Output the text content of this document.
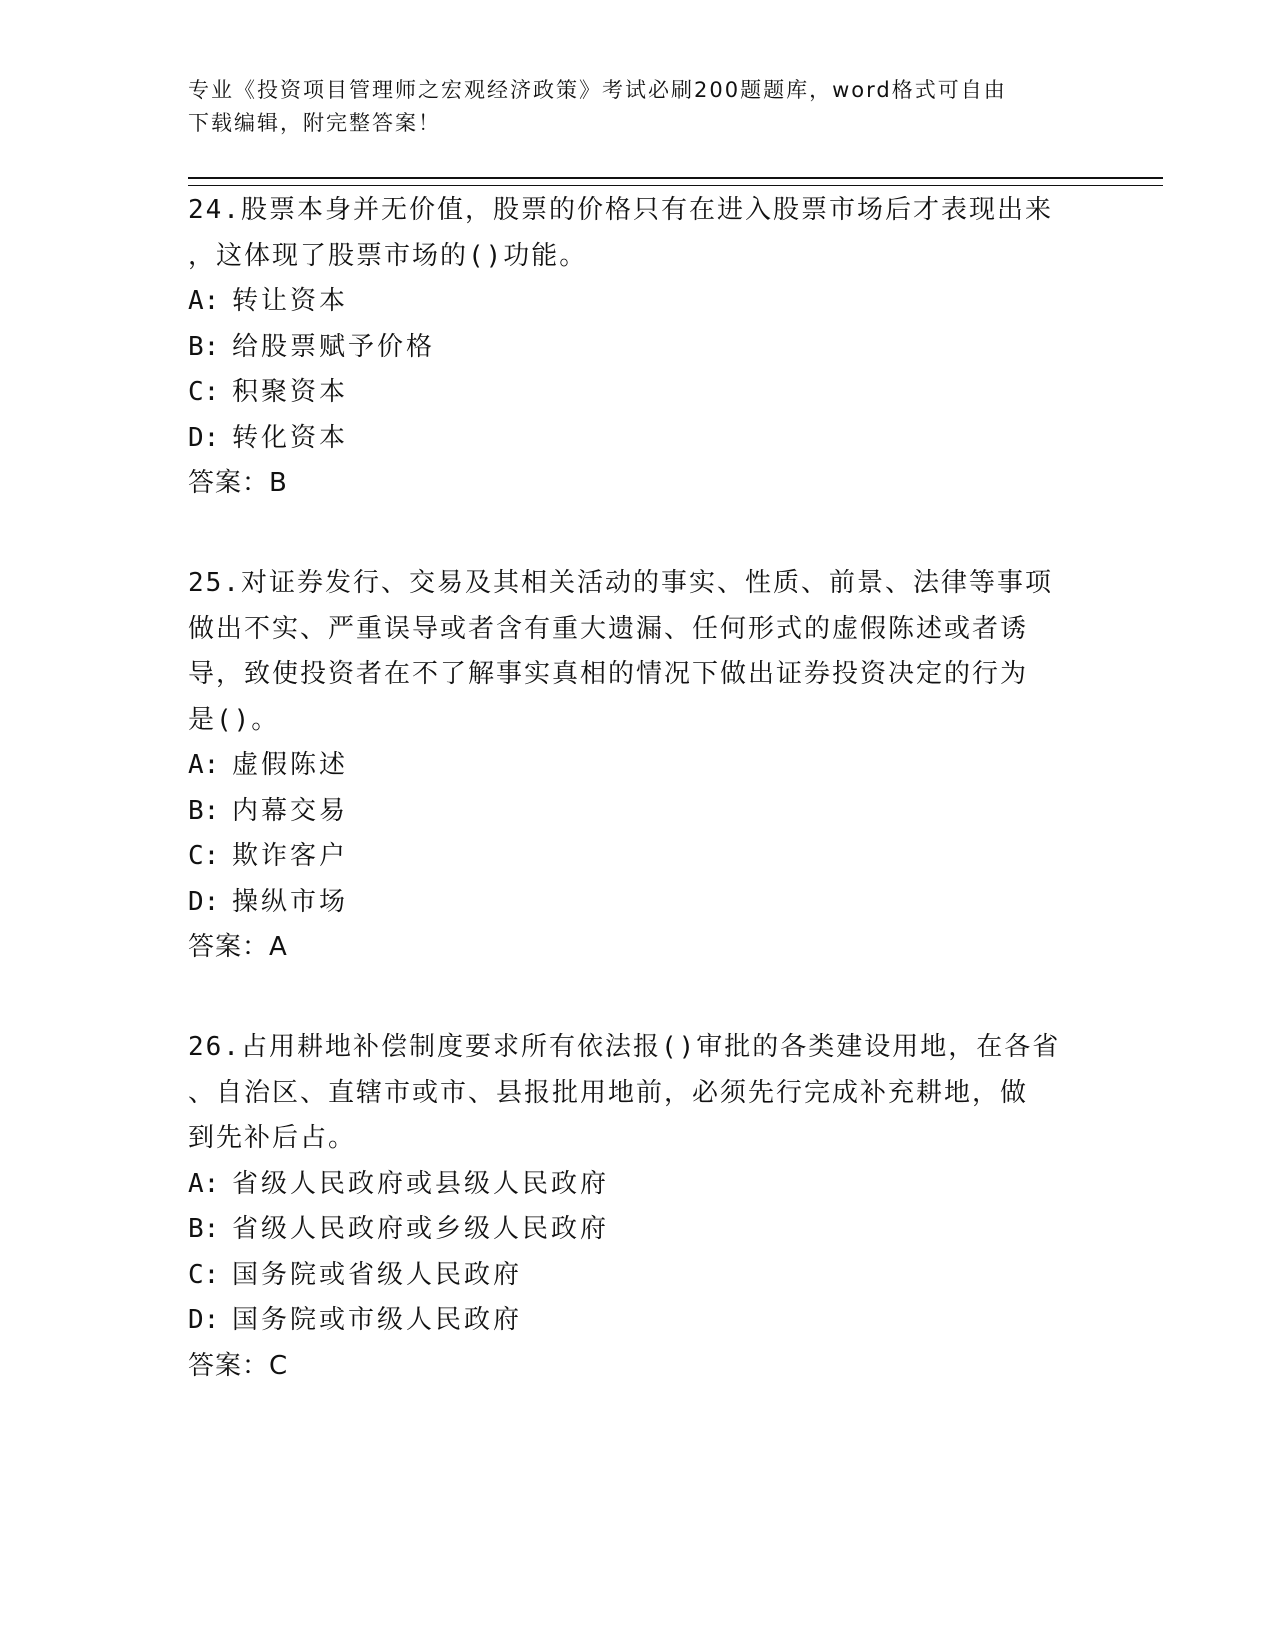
专业《投资项目管理师之宏观经济政策》考试必刷200题题库，word格式可自由
下载编辑，附完整答案！
24.股票本身并无价值，股票的价格只有在进入股票市场后才表现出来
，这体现了股票市场的()功能。
A: 转让资本
B: 给股票赋予价格
C: 积聚资本
D: 转化资本
答案：B
25.对证券发行、交易及其相关活动的事实、性质、前景、法律等事项
做出不实、严重误导或者含有重大遗漏、任何形式的虚假陈述或者诱
导，致使投资者在不了解事实真相的情况下做出证券投资决定的行为
是()。
A: 虚假陈述
B: 内幕交易
C: 欺诈客户
D: 操纵市场
答案：A
26.占用耕地补偿制度要求所有依法报()审批的各类建设用地，在各省
、自治区、直辖市或市、县报批用地前，必须先行完成补充耕地，做
到先补后占。
A: 省级人民政府或县级人民政府
B: 省级人民政府或乡级人民政府
C: 国务院或省级人民政府
D: 国务院或市级人民政府
答案：C
